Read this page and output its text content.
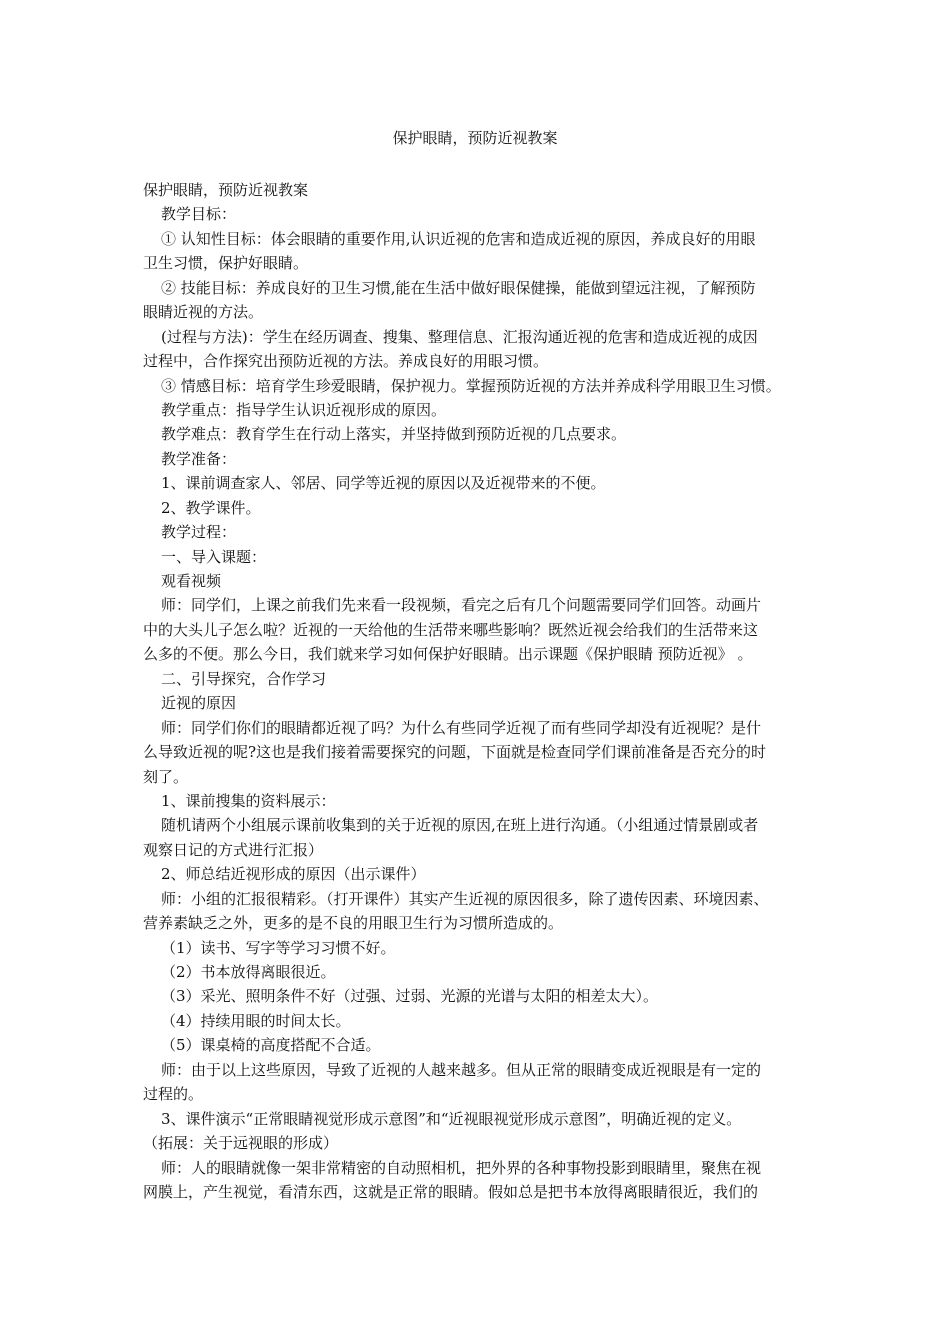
保护眼睛，预防近视教案
保护眼睛，预防近视教案
教学目标：
① 认知性目标：体会眼睛的重要作用,认识近视的危害和造成近视的原因，养成良好的用眼
卫生习惯，保护好眼睛。
② 技能目标：养成良好的卫生习惯,能在生活中做好眼保健操，能做到望远注视，了解预防
眼睛近视的方法。
(过程与方法)：学生在经历调查、搜集、整理信息、汇报沟通近视的危害和造成近视的成因
过程中，合作探究出预防近视的方法。养成良好的用眼习惯。
③ 情感目标：培育学生珍爱眼睛，保护视力。掌握预防近视的方法并养成科学用眼卫生习惯。
教学重点：指导学生认识近视形成的原因。
教学难点：教育学生在行动上落实，并坚持做到预防近视的几点要求。
教学准备：
1、课前调查家人、邻居、同学等近视的原因以及近视带来的不便。
2、教学课件。
教学过程：
一、导入课题：
观看视频
师：同学们，上课之前我们先来看一段视频，看完之后有几个问题需要同学们回答。动画片
中的大头儿子怎么啦？近视的一天给他的生活带来哪些影响？既然近视会给我们的生活带来这
么多的不便。那么今日，我们就来学习如何保护好眼睛。出示课题《保护眼睛 预防近视》 。
二、引导探究，合作学习
近视的原因
师：同学们你们的眼睛都近视了吗？为什么有些同学近视了而有些同学却没有近视呢？是什
么导致近视的呢?这也是我们接着需要探究的问题，下面就是检查同学们课前准备是否充分的时
刻了。
1、课前搜集的资料展示：
随机请两个小组展示课前收集到的关于近视的原因,在班上进行沟通。（小组通过情景剧或者
观察日记的方式进行汇报）
2、师总结近视形成的原因（出示课件）
师：小组的汇报很精彩。（打开课件）其实产生近视的原因很多，除了遗传因素、环境因素、
营养素缺乏之外，更多的是不良的用眼卫生行为习惯所造成的。
（1）读书、写字等学习习惯不好。
（2）书本放得离眼很近。
（3）采光、照明条件不好（过强、过弱、光源的光谱与太阳的相差太大）。
（4）持续用眼的时间太长。
（5）课桌椅的高度搭配不合适。
师：由于以上这些原因，导致了近视的人越来越多。但从正常的眼睛变成近视眼是有一定的
过程的。
3、课件演示“正常眼睛视觉形成示意图”和“近视眼视觉形成示意图”，明确近视的定义。
（拓展：关于远视眼的形成）
师：人的眼睛就像一架非常精密的自动照相机，把外界的各种事物投影到眼睛里，聚焦在视
网膜上，产生视觉，看清东西，这就是正常的眼睛。假如总是把书本放得离眼睛很近，我们的
